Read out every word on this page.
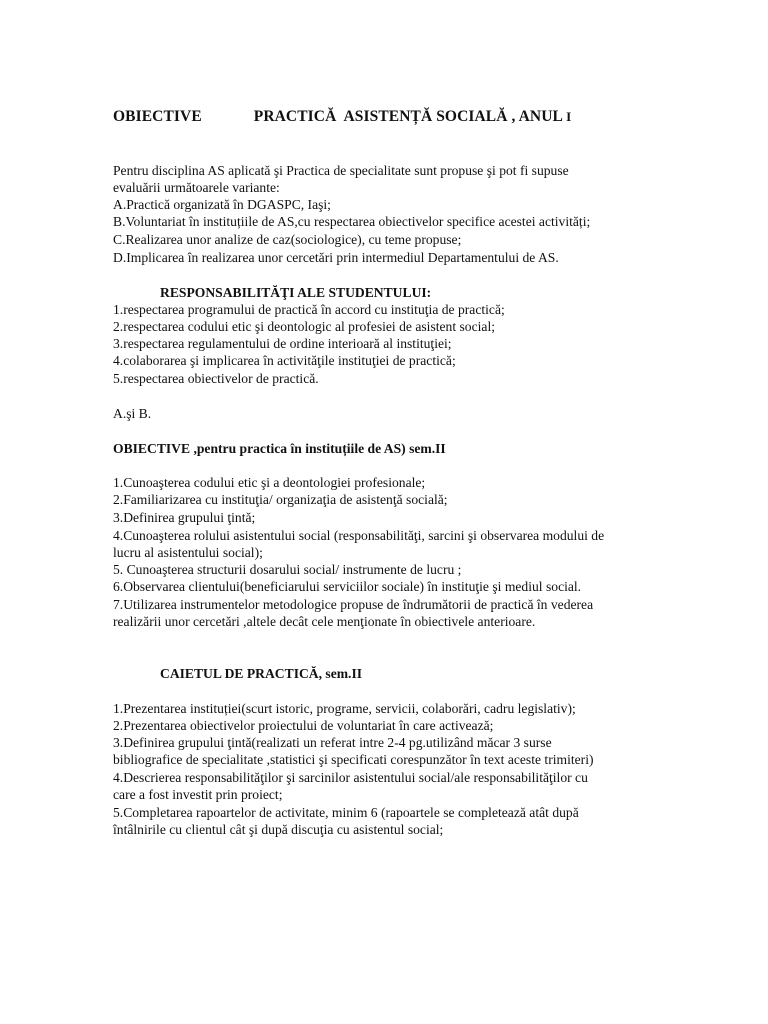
OBIECTIVE	PRACTICĂ  ASISTENȚĂ SOCIALĂ , ANUL I
Pentru disciplina AS aplicată şi Practica de specialitate sunt propuse şi pot fi supuse
evaluării următoarele variante:
A.Practică organizată în DGASPC, Iaşi;
B.Voluntariat în instituțiile de AS,cu respectarea obiectivelor specifice acestei activități;
C.Realizarea unor analize de caz(sociologice), cu teme propuse;
D.Implicarea în realizarea unor cercetări prin intermediul Departamentului de AS.
RESPONSABILITĂŢI ALE STUDENTULUI:
1.respectarea programului de practică în accord cu instituţia de practică;
2.respectarea codului etic şi deontologic al profesiei de asistent social;
3.respectarea regulamentului de ordine interioară al instituţiei;
4.colaborarea şi implicarea în activităţile instituţiei de practică;
5.respectarea obiectivelor de practică.
A.şi B.
OBIECTIVE ,pentru practica în instituțiile de AS) sem.II
1.Cunoaşterea codului etic şi a deontologiei profesionale;
2.Familiarizarea cu instituţia/ organizaţia de asistenţă socială;
3.Definirea grupului ţintă;
4.Cunoaşterea rolului asistentului social (responsabilităţi, sarcini şi observarea modului de
lucru al asistentului social);
5. Cunoaşterea structurii dosarului social/ instrumente de lucru ;
6.Observarea clientului(beneficiarului serviciilor sociale) în instituţie şi mediul social.
7.Utilizarea instrumentelor metodologice propuse de îndrumătorii de practică în vederea
realizării unor cercetări ,altele decât cele menţionate în obiectivele anterioare.
CAIETUL DE PRACTICĂ, sem.II
1.Prezentarea instituției(scurt istoric, programe, servicii, colaborări, cadru legislativ);
2.Prezentarea obiectivelor proiectului de voluntariat în care activează;
3.Definirea grupului ţintă(realizati un referat intre 2-4 pg.utilizând măcar 3 surse
bibliografice de specialitate ,statistici şi specificati corespunzător în text aceste trimiteri)
4.Descrierea responsabilităţilor şi sarcinilor asistentului social/ale responsabilităţilor cu
care a fost investit prin proiect;
5.Completarea rapoartelor de activitate, minim 6 (rapoartele se completează atât după
întâlnirile cu clientul cât şi după discuţia cu asistentul social;
